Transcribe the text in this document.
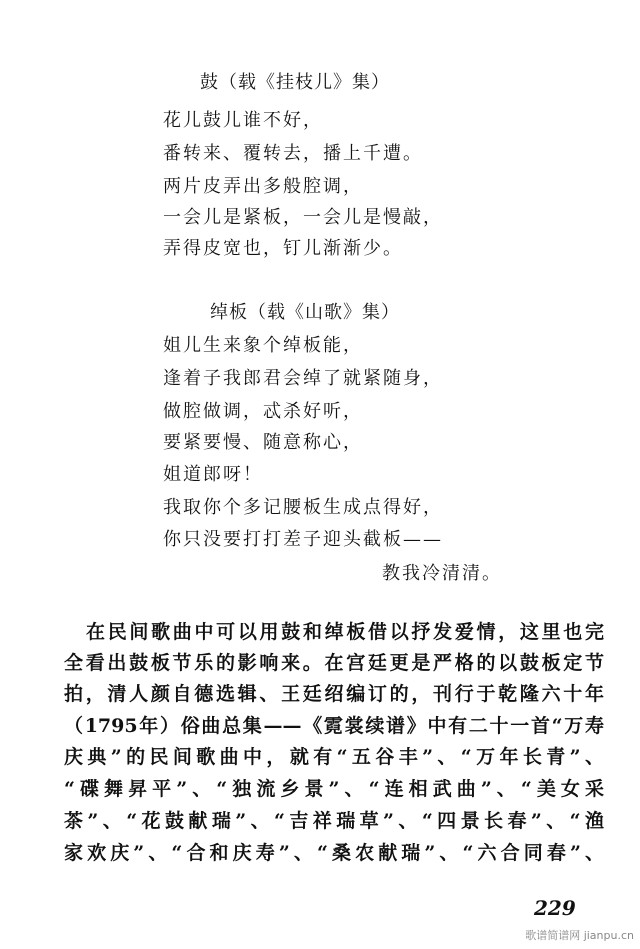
鼓（载《挂枝儿》集）
花儿鼓儿谁不好，
番转来、覆转去，播上千遭。
两片皮弄出多般腔调，
一会儿是紧板，一会儿是慢敲，
弄得皮宽也，钉儿渐渐少。
绰板（载《山歌》集）
姐儿生来象个绰板能，
逢着子我郎君会绰了就紧随身，
做腔做调，忒杀好听，
要紧要慢、随意称心，
姐道郎呀！
我取你个多记腰板生成点得好，
你只没要打打差子迎头截板——
教我冷清清。
在民间歌曲中可以用鼓和绰板借以抒发爱情，这里也完
全看出鼓板节乐的影响来。在宫廷更是严格的以鼓板定节
拍，清人颜自德选辑、王廷绍编订的，刊行于乾隆六十年
（1795年）俗曲总集——《霓裳续谱》中有二十一首“万寿
庆典”的民间歌曲中，就有“五谷丰”、“万年长青”、
“碟舞昇平”、“独流乡景”、“连相武曲”、“美女采
茶”、“花鼓献瑞”、“吉祥瑞草”、“四景长春”、“渔
家欢庆”、“合和庆寿”、“桑农献瑞”、“六合同春”、
229
歌谱简谱网 jianpu.cn
